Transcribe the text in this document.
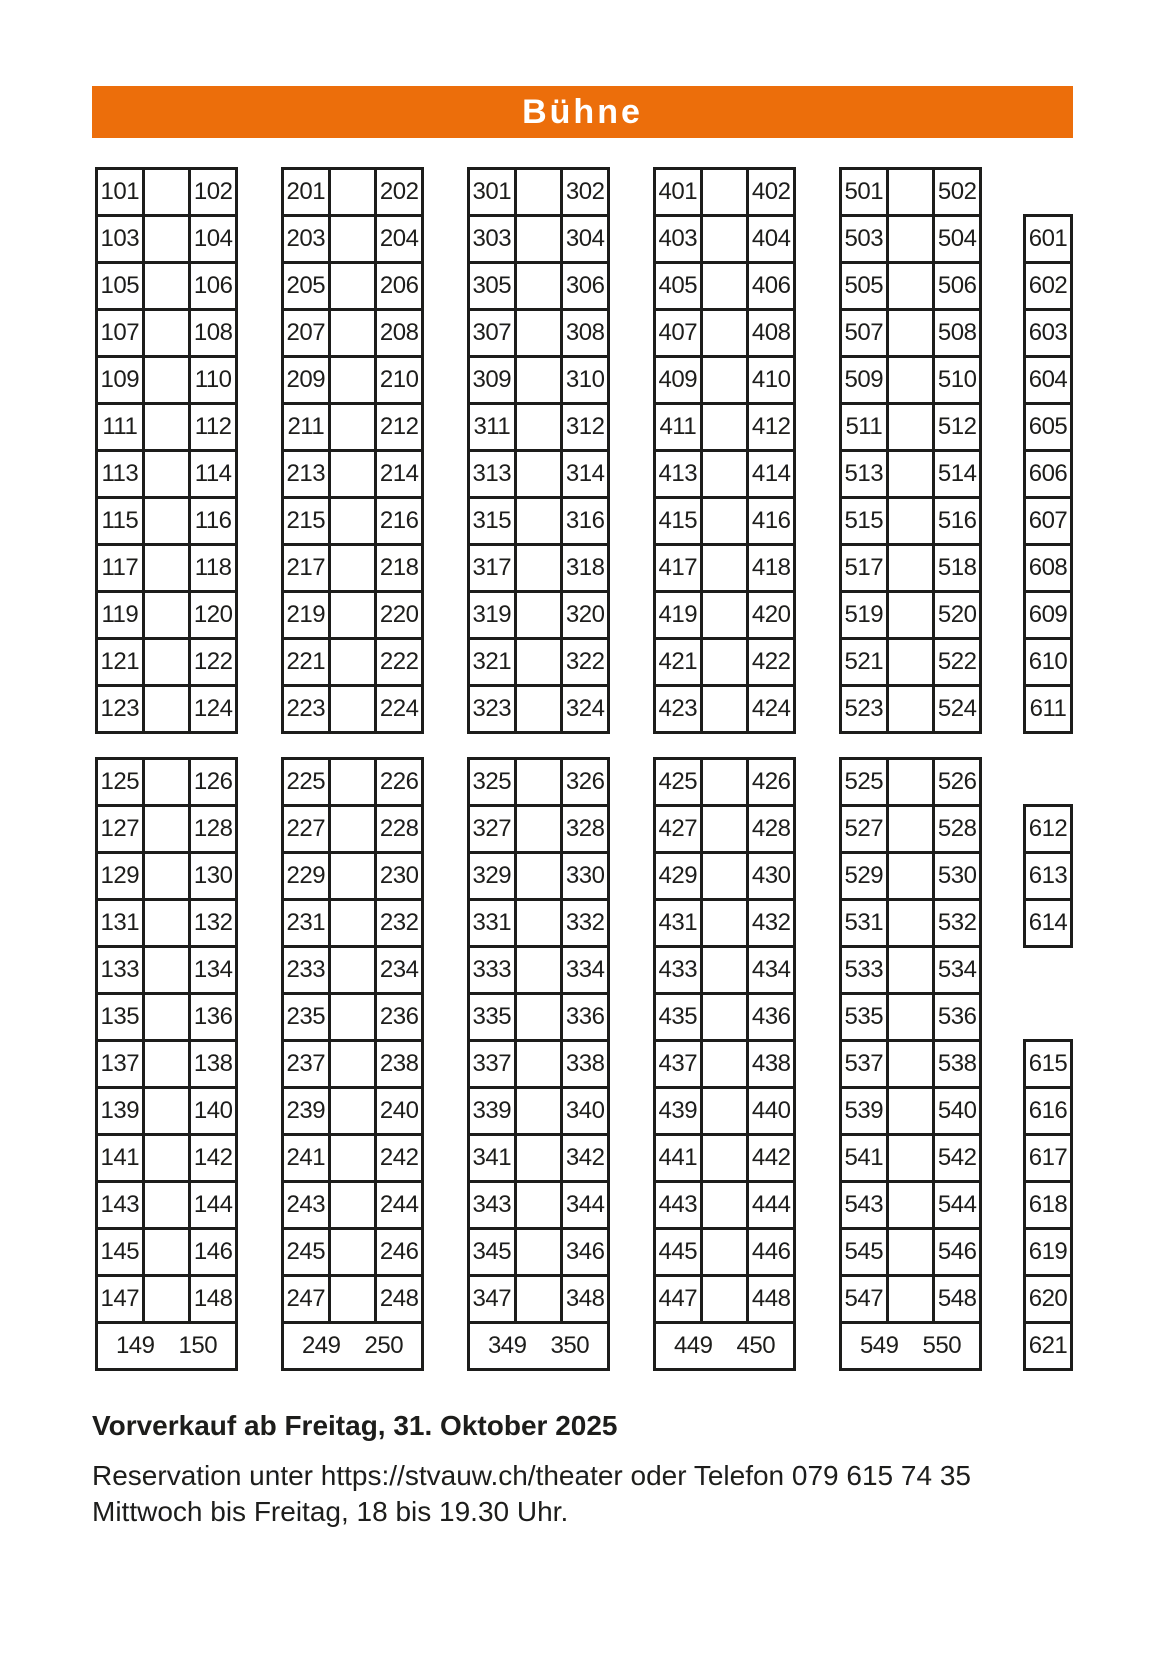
Bühne
101		102
103		104
105		106
107		108
109		110
111		112
113		114
115		116
117		118
119		120
121		122
123		124
125		126
127		128
129		130
131		132
133		134
135		136
137		138
139		140
141		142
143		144
145		146
147		148
149 150		
201		202
203		204
205		206
207		208
209		210
211		212
213		214
215		216
217		218
219		220
221		222
223		224
225		226
227		228
229		230
231		232
233		234
235		236
237		238
239		240
241		242
243		244
245		246
247		248
249 250		
301		302
303		304
305		306
307		308
309		310
311		312
313		314
315		316
317		318
319		320
321		322
323		324
325		326
327		328
329		330
331		332
333		334
335		336
337		338
339		340
341		342
343		344
345		346
347		348
349 350		
401		402
403		404
405		406
407		408
409		410
411		412
413		414
415		416
417		418
419		420
421		422
423		424
425		426
427		428
429		430
431		432
433		434
435		436
437		438
439		440
441		442
443		444
445		446
447		448
449 450		
501		502
503		504
505		506
507		508
509		510
511		512
513		514
515		516
517		518
519		520
521		522
523		524
525		526
527		528
529		530
531		532
533		534
535		536
537		538
539		540
541		542
543		544
545		546
547		548
549 550		
601
602
603
604
605
606
607
608
609
610
611
612
613
614
615
616
617
618
619
620
621
Vorverkauf ab Freitag, 31. Oktober 2025
Reservation unter https://stvauw.ch/theater oder Telefon 079 615 74 35
Mittwoch bis Freitag, 18 bis 19.30 Uhr.
